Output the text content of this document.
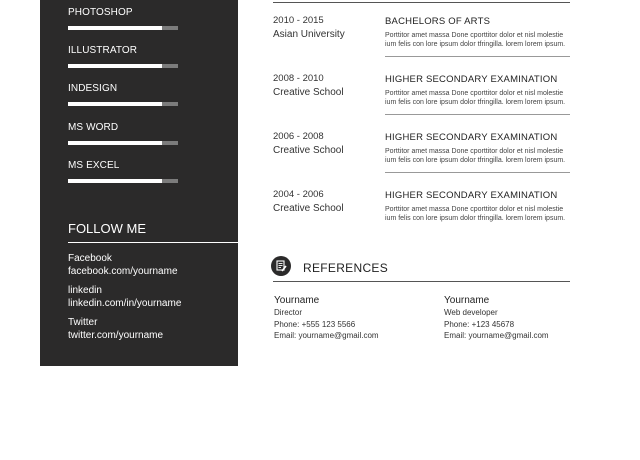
PHOTOSHOP
ILLUSTRATOR
INDESIGN
MS WORD
MS EXCEL
FOLLOW ME
Facebook
facebook.com/yourname
linkedin
linkedin.com/in/yourname
Twitter
twitter.com/yourname
2010 - 2015
Asian University
BACHELORS OF ARTS
Porttitor amet massa Done cporttitor dolor et nisl molestie
ium felis con lore ipsum dolor tfringilla. lorem lorem ipsum.
2008 - 2010
Creative School
HIGHER SECONDARY EXAMINATION
Porttitor amet massa Done cporttitor dolor et nisl molestie
ium felis con lore ipsum dolor tfringilla. lorem lorem ipsum.
2006 - 2008
Creative School
HIGHER SECONDARY EXAMINATION
Porttitor amet massa Done cporttitor dolor et nisl molestie
ium felis con lore ipsum dolor tfringilla. lorem lorem ipsum.
2004 - 2006
Creative School
HIGHER SECONDARY EXAMINATION
Porttitor amet massa Done cporttitor dolor et nisl molestie
ium felis con lore ipsum dolor tfringilla. lorem lorem ipsum.
REFERENCES
Yourname
Director
Phone: +555 123 5566
Email: yourname@gmail.com
Yourname
Web developer
Phone: +123 45678
Email: yourname@gmail.com
